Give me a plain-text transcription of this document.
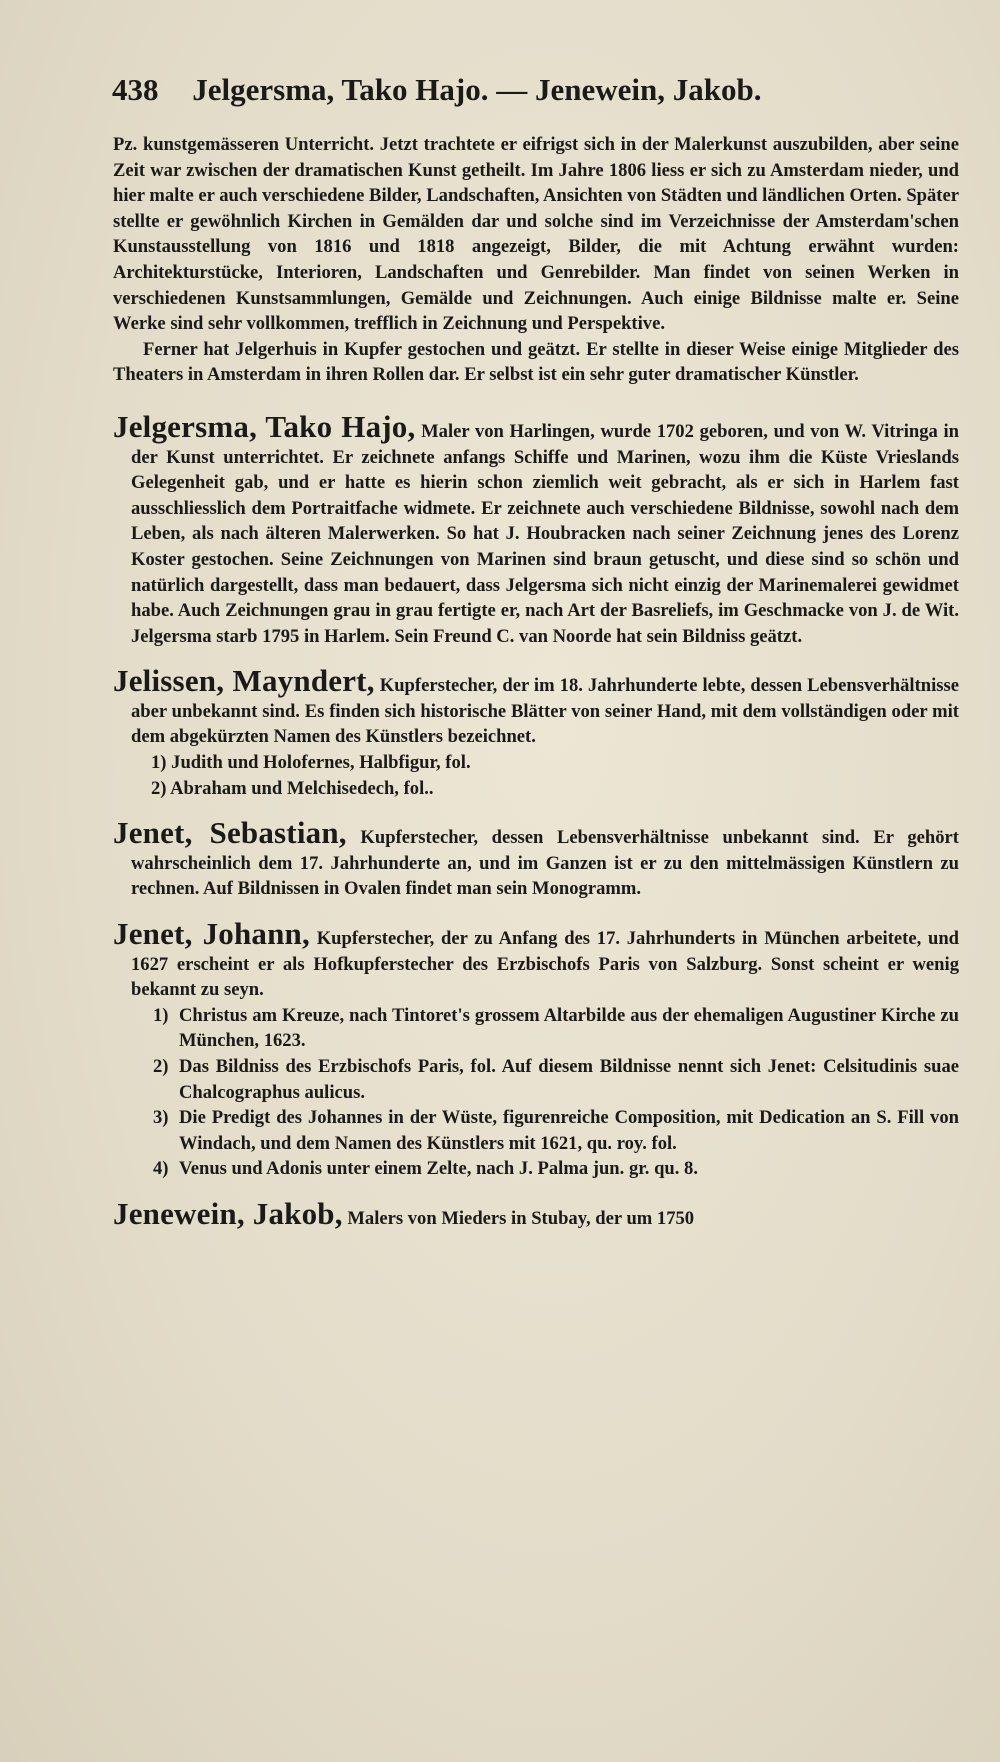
438 Jelgersma, Tako Hajo. — Jenewein, Jakob.

Pz. kunstgemässeren Unterricht. Jetzt trachtete er eifrigst sich in der Malerkunst auszubilden, aber seine Zeit war zwischen der dramatischen Kunst getheilt. Im Jahre 1806 liess er sich zu Amsterdam nieder, und hier malte er auch verschiedene Bilder, Landschaften, Ansichten von Städten und ländlichen Orten. Später stellte er gewöhnlich Kirchen in Gemälden dar und solche sind im Verzeichnisse der Amsterdam'schen Kunstausstellung von 1816 und 1818 angezeigt, Bilder, die mit Achtung erwähnt wurden: Architekturstücke, Interioren, Landschaften und Genrebilder. Man findet von seinen Werken in verschiedenen Kunstsammlungen, Gemälde und Zeichnungen. Auch einige Bildnisse malte er. Seine Werke sind sehr vollkommen, trefflich in Zeichnung und Perspektive.

Ferner hat Jelgerhuis in Kupfer gestochen und geätzt. Er stellte in dieser Weise einige Mitglieder des Theaters in Amsterdam in ihren Rollen dar. Er selbst ist ein sehr guter dramatischer Künstler.

Jelgersma, Tako Hajo, Maler von Harlingen, wurde 1702 geboren, und von W. Vitringa in der Kunst unterrichtet. Er zeichnete anfangs Schiffe und Marinen, wozu ihm die Küste Vrieslands Gelegenheit gab, und er hatte es hierin schon ziemlich weit gebracht, als er sich in Harlem fast ausschliesslich dem Portraitfache widmete. Er zeichnete auch verschiedene Bildnisse, sowohl nach dem Leben, als nach älteren Malerwerken. So hat J. Houbracken nach seiner Zeichnung jenes des Lorenz Koster gestochen. Seine Zeichnungen von Marinen sind braun getuscht, und diese sind so schön und natürlich dargestellt, dass man bedauert, dass Jelgersma sich nicht einzig der Marinemalerei gewidmet habe. Auch Zeichnungen grau in grau fertigte er, nach Art der Basreliefs, im Geschmacke von J. de Wit. Jelgersma starb 1795 in Harlem. Sein Freund C. van Noorde hat sein Bildniss geätzt.

Jelissen, Mayndert, Kupferstecher, der im 18. Jahrhunderte lebte, dessen Lebensverhältnisse aber unbekannt sind. Es finden sich historische Blätter von seiner Hand, mit dem vollständigen oder mit dem abgekürzten Namen des Künstlers bezeichnet.

1) Judith und Holofernes, Halbfigur, fol.
2) Abraham und Melchisedech, fol..

Jenet, Sebastian, Kupferstecher, dessen Lebensverhältnisse unbekannt sind. Er gehört wahrscheinlich dem 17. Jahrhunderte an, und im Ganzen ist er zu den mittelmässigen Künstlern zu rechnen. Auf Bildnissen in Ovalen findet man sein Monogramm.

Jenet, Johann, Kupferstecher, der zu Anfang des 17. Jahrhunderts in München arbeitete, und 1627 erscheint er als Hofkupferstecher des Erzbischofs Paris von Salzburg. Sonst scheint er wenig bekannt zu seyn.

1) Christus am Kreuze, nach Tintoret's grossem Altarbilde aus der ehemaligen Augustiner Kirche zu München, 1623.
2) Das Bildniss des Erzbischofs Paris, fol. Auf diesem Bildnisse nennt sich Jenet: Celsitudinis suae Chalcographus aulicus.
3) Die Predigt des Johannes in der Wüste, figurenreiche Composition, mit Dedication an S. Fill von Windach, und dem Namen des Künstlers mit 1621, qu. roy. fol.
4) Venus und Adonis unter einem Zelte, nach J. Palma jun. gr. qu. 8.

Jenewein, Jakob, Malers von Mieders in Stubay, der um 1750
